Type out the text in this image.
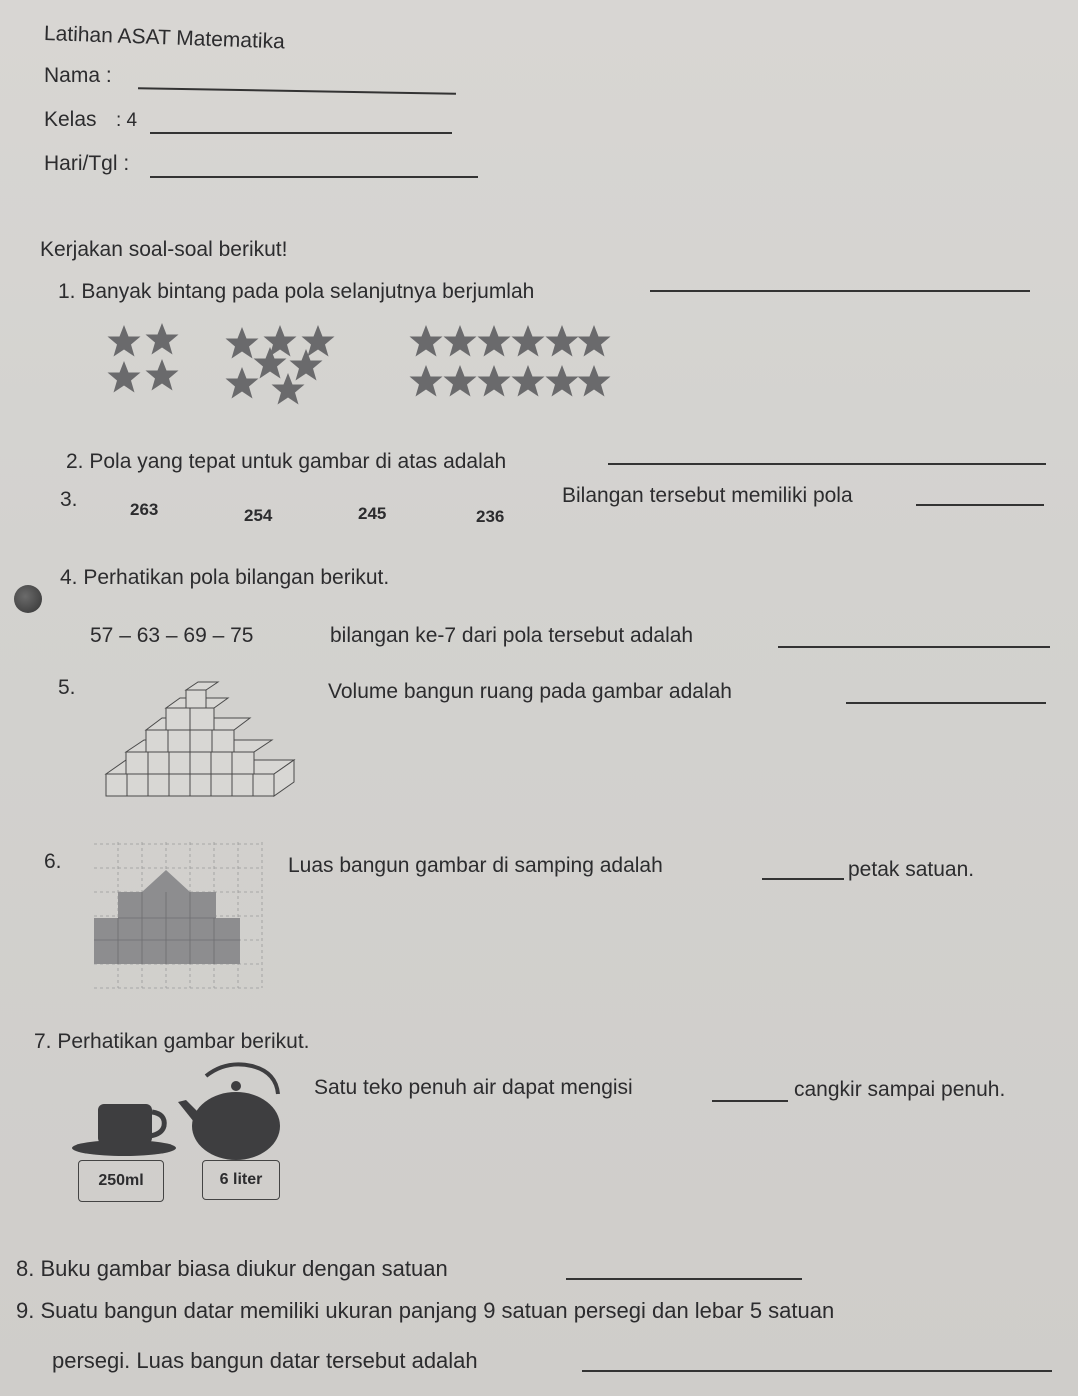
Latihan ASAT Matematika
Nama :
Kelas : 4
Hari/Tgl :
Kerjakan soal-soal berikut!
1. Banyak bintang pada pola selanjutnya berjumlah
2. Pola yang tepat untuk gambar di atas adalah
3.	263	254	245	236
Bilangan tersebut memiliki pola
4. Perhatikan pola bilangan berikut.
57 – 63 – 69 – 75	bilangan ke-7 dari pola tersebut adalah
5.	Volume bangun ruang pada gambar adalah
6.	Luas bangun gambar di samping adalah	petak satuan.
7. Perhatikan gambar berikut.
250ml	6 liter
Satu teko penuh air dapat mengisi	cangkir sampai penuh.
8. Buku gambar biasa diukur dengan satuan
9. Suatu bangun datar memiliki ukuran panjang 9 satuan persegi dan lebar 5 satuan
persegi. Luas bangun datar tersebut adalah
